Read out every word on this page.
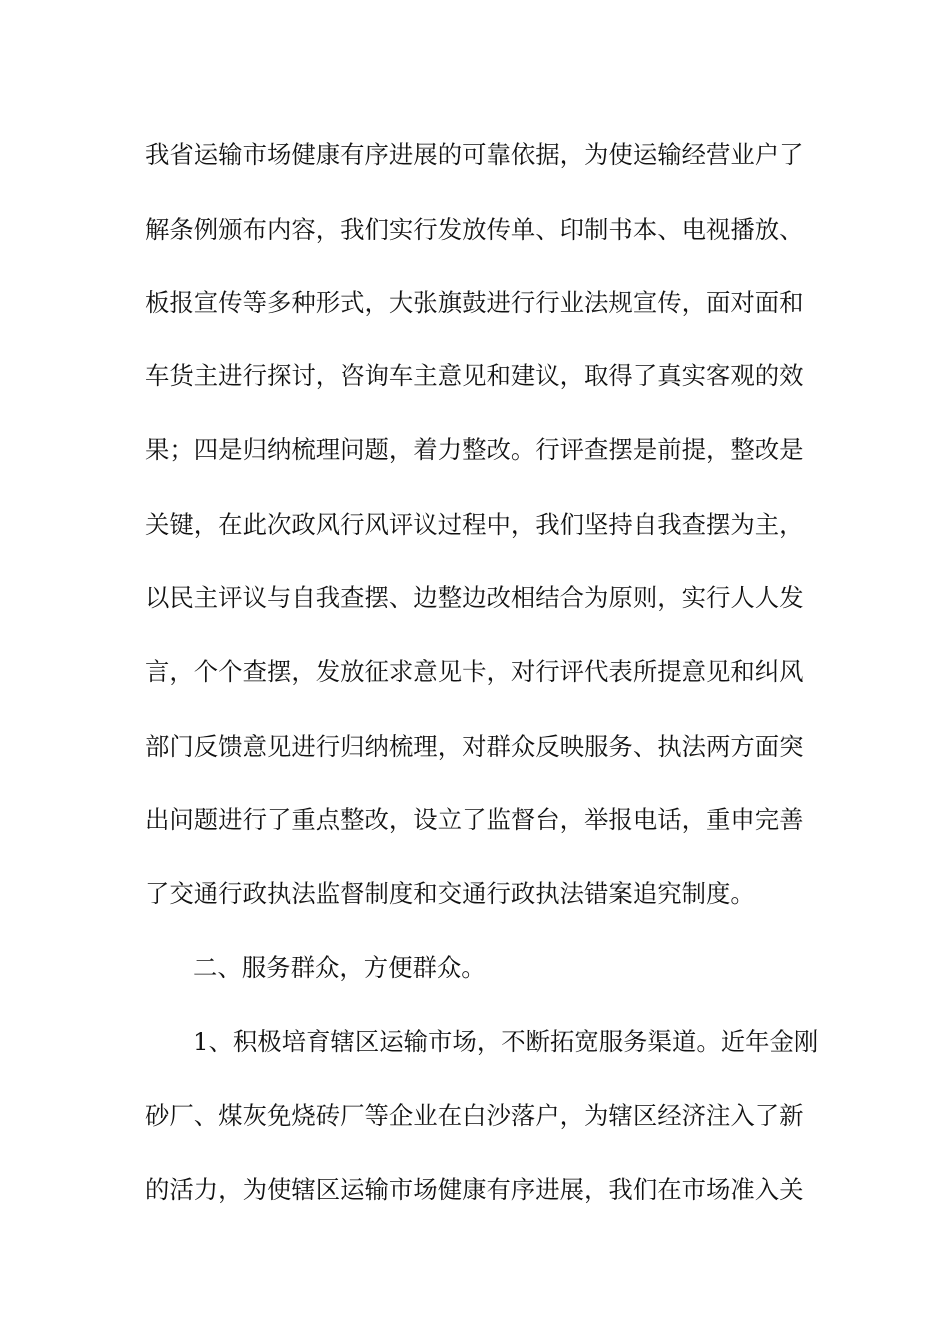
我省运输市场健康有序进展的可靠依据，为使运输经营业户了
解条例颁布内容，我们实行发放传单、印制书本、电视播放、
板报宣传等多种形式，大张旗鼓进行行业法规宣传，面对面和
车货主进行探讨，咨询车主意见和建议，取得了真实客观的效
果；四是归纳梳理问题，着力整改。行评查摆是前提，整改是
关键，在此次政风行风评议过程中，我们坚持自我查摆为主，
以民主评议与自我查摆、边整边改相结合为原则，实行人人发
言，个个查摆，发放征求意见卡，对行评代表所提意见和纠风
部门反馈意见进行归纳梳理，对群众反映服务、执法两方面突
出问题进行了重点整改，设立了监督台，举报电话，重申完善
了交通行政执法监督制度和交通行政执法错案追究制度。
二、服务群众，方便群众。
1、积极培育辖区运输市场，不断拓宽服务渠道。近年金刚
砂厂、煤灰免烧砖厂等企业在白沙落户，为辖区经济注入了新
的活力，为使辖区运输市场健康有序进展，我们在市场准入关
